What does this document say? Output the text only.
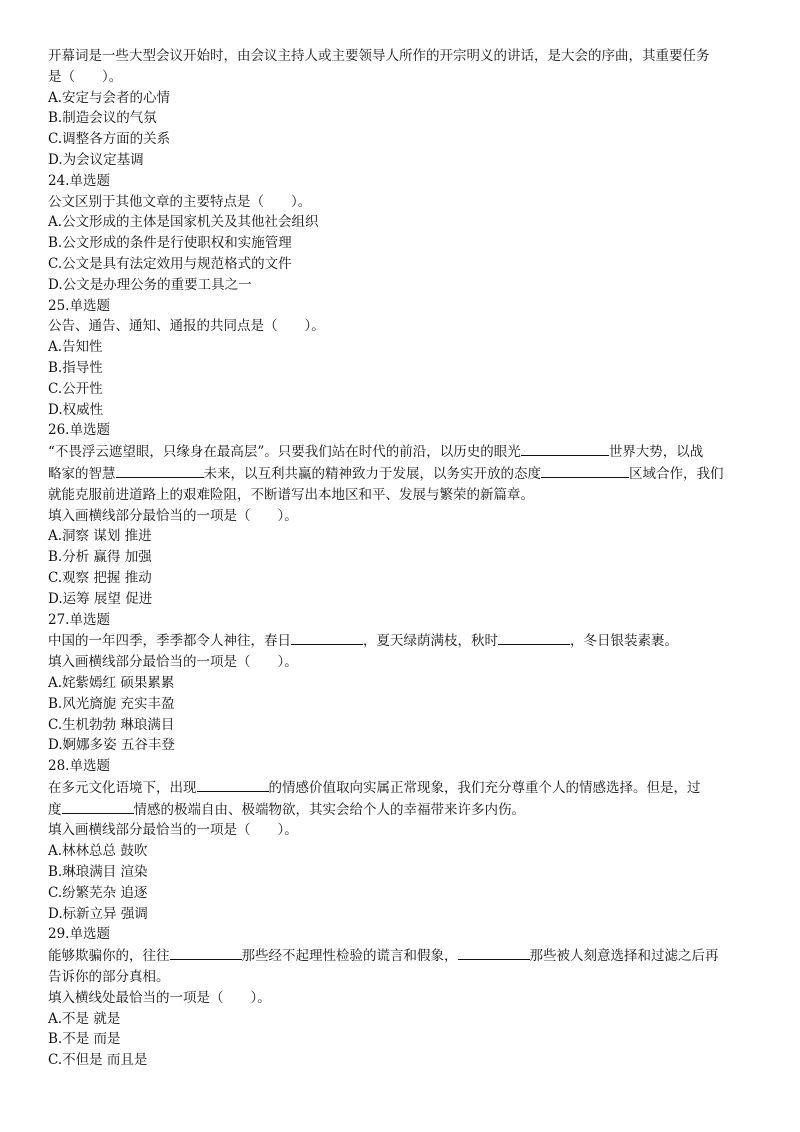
开幕词是一些大型会议开始时，由会议主持人或主要领导人所作的开宗明义的讲话，是大会的序曲，其重要任务
是（　　）。
A.安定与会者的心情
B.制造会议的气氛
C.调整各方面的关系
D.为会议定基调
24.单选题
公文区别于其他文章的主要特点是（　　）。
A.公文形成的主体是国家机关及其他社会组织
B.公文形成的条件是行使职权和实施管理
C.公文是具有法定效用与规范格式的文件
D.公文是办理公务的重要工具之一
25.单选题
公告、通告、通知、通报的共同点是（　　）。
A.告知性
B.指导性
C.公开性
D.权威性
26.单选题
“不畏浮云遮望眼，只缘身在最高层”。只要我们站在时代的前沿，以历史的眼光	世界大势，以战
略家的智慧	未来，以互利共赢的精神致力于发展，以务实开放的态度	区域合作，我们
就能克服前进道路上的艰难险阻，不断谱写出本地区和平、发展与繁荣的新篇章。
填入画横线部分最恰当的一项是（　　）。
A.洞察 谋划 推进
B.分析 赢得 加强
C.观察 把握 推动
D.运筹 展望 促进
27.单选题
中国的一年四季，季季都令人神往，春日	，夏天绿荫满枝，秋时	，冬日银装素裹。
填入画横线部分最恰当的一项是（　　）。
A.姹紫嫣红 硕果累累
B.风光旖旎 充实丰盈
C.生机勃勃 琳琅满目
D.婀娜多姿 五谷丰登
28.单选题
在多元文化语境下，出现	的情感价值取向实属正常现象，我们充分尊重个人的情感选择。但是，过
度	情感的极端自由、极端物欲，其实会给个人的幸福带来许多内伤。
填入画横线部分最恰当的一项是（　　）。
A.林林总总 鼓吹
B.琳琅满目 渲染
C.纷繁芜杂 追逐
D.标新立异 强调
29.单选题
能够欺骗你的，往往	那些经不起理性检验的谎言和假象，	那些被人刻意选择和过滤之后再
告诉你的部分真相。
填入横线处最恰当的一项是（　　）。
A.不是 就是
B.不是 而是
C.不但是 而且是
